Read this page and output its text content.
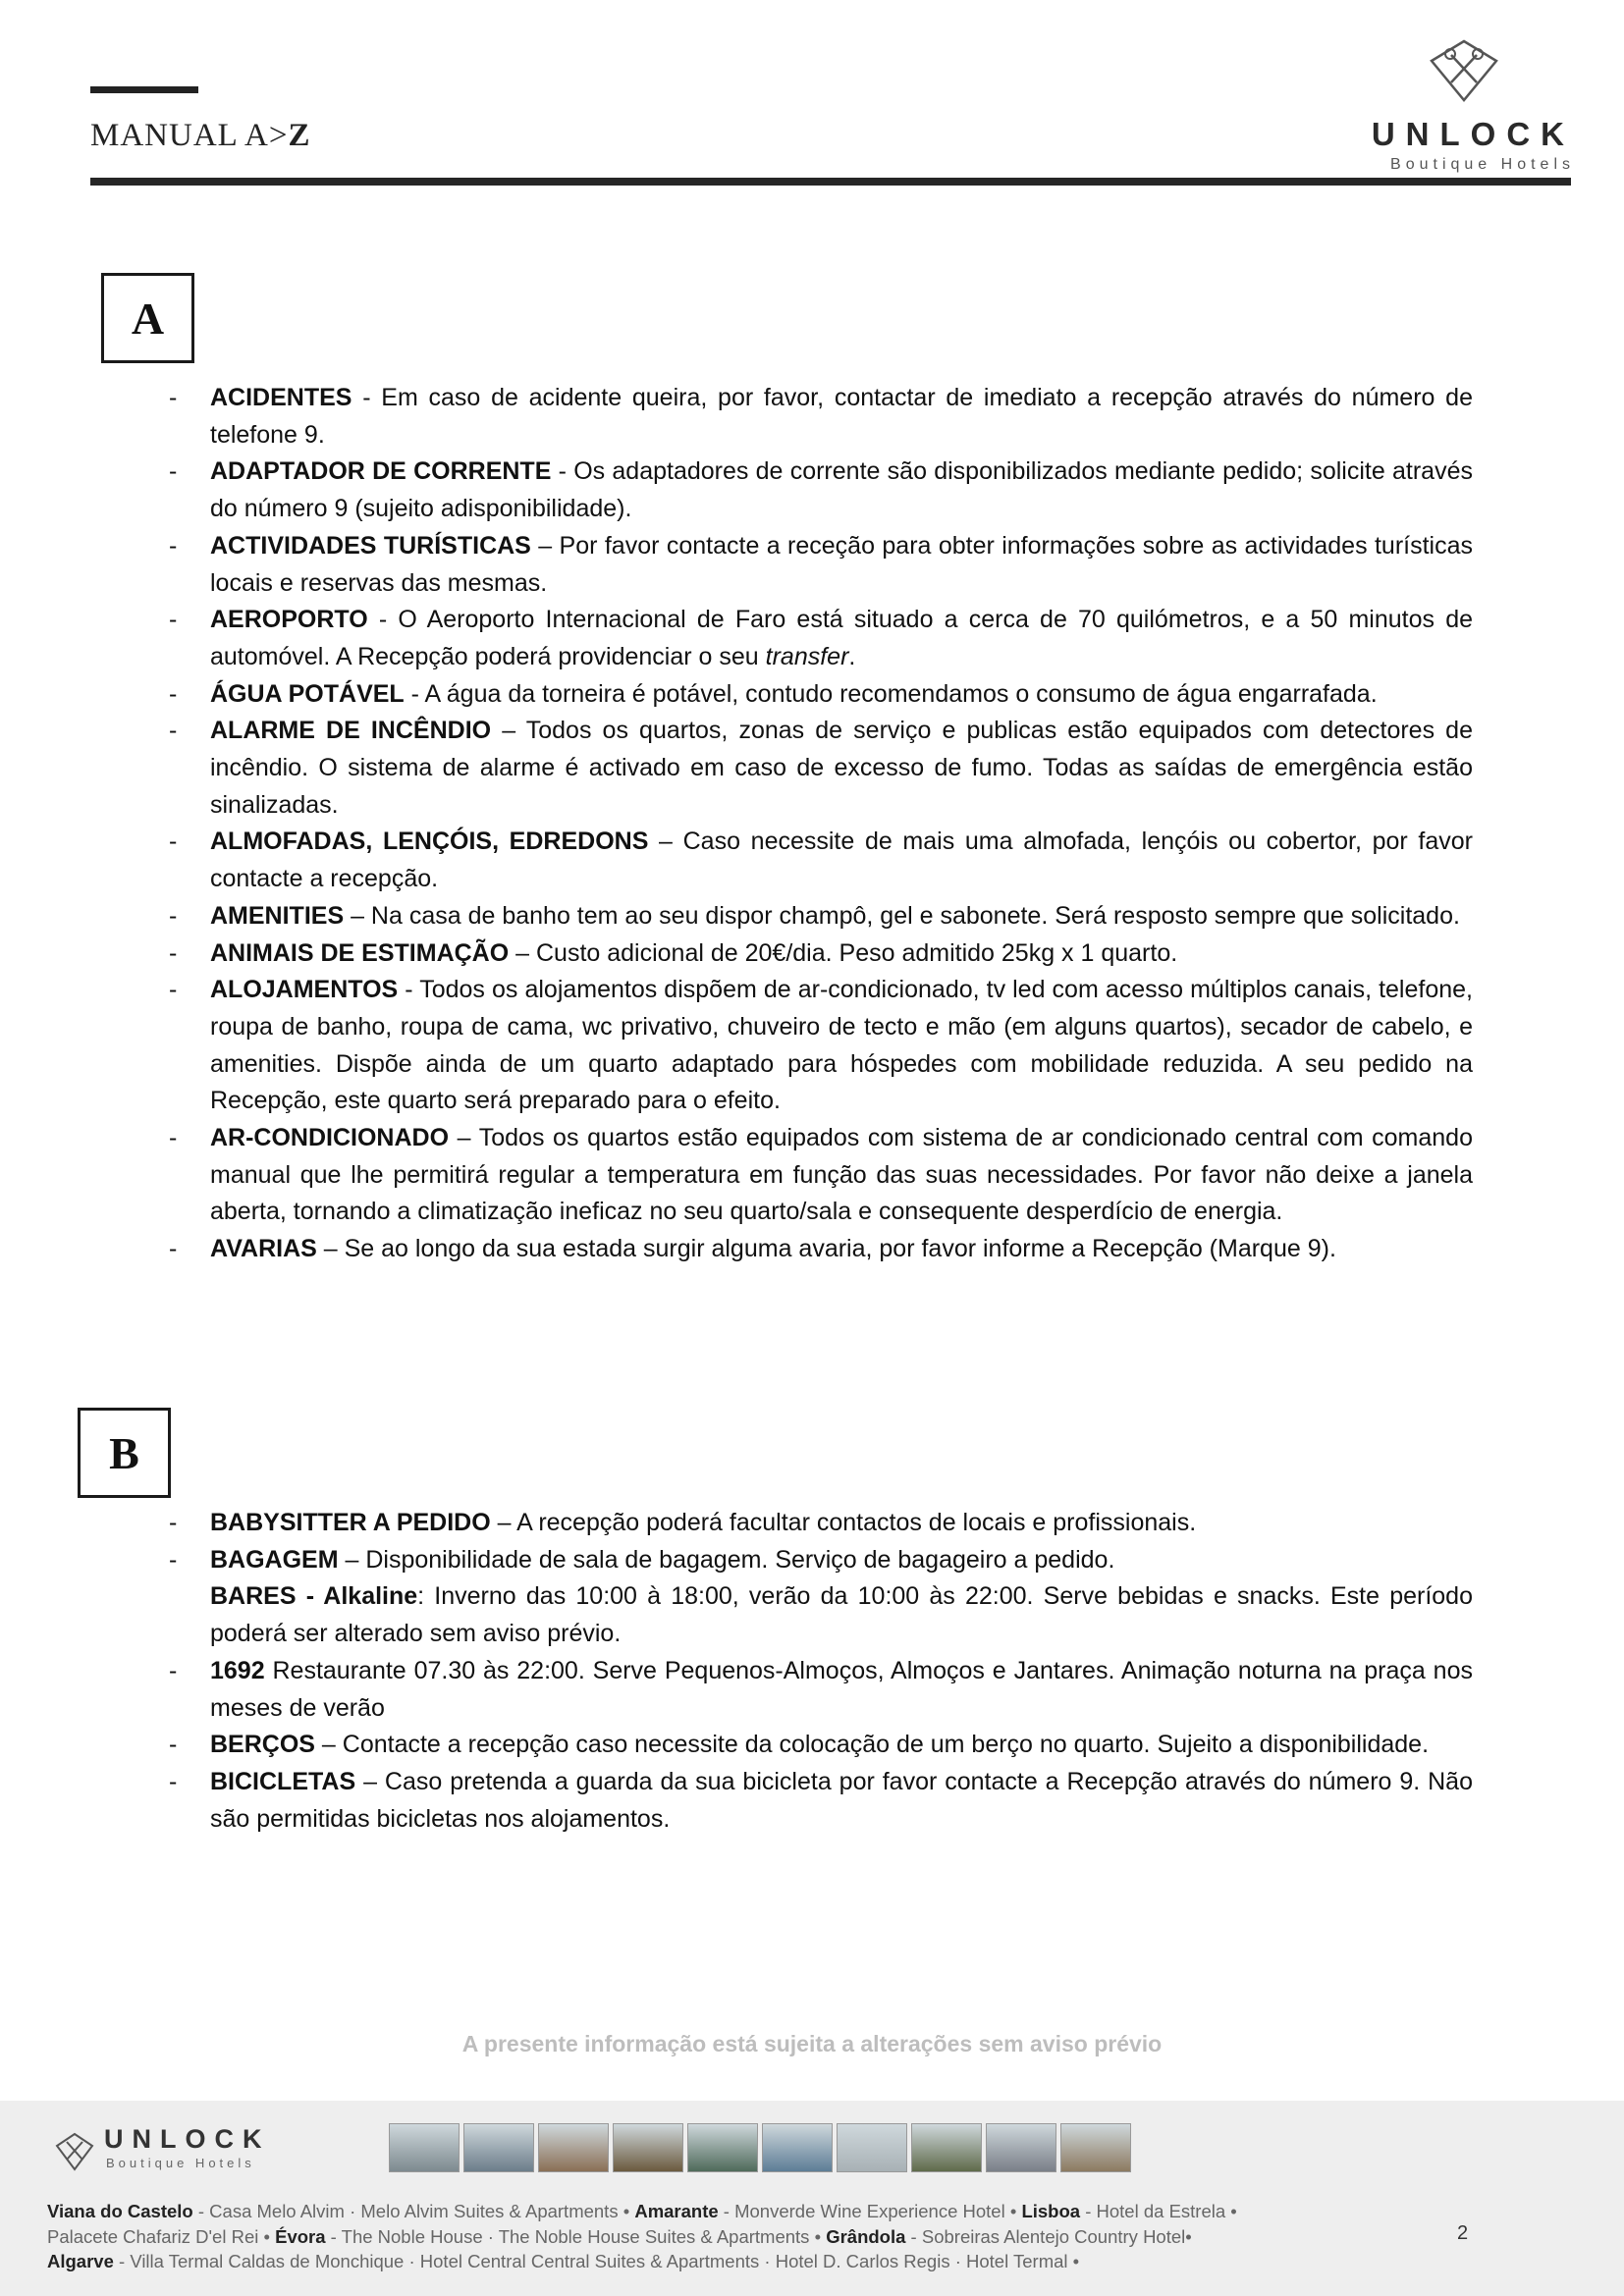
MANUAL A>Z	UNLOCK
Boutique Hotels
A
- ACIDENTES - Em caso de acidente queira, por favor, contactar de imediato a recepção através do número de telefone 9.
- ADAPTADOR DE CORRENTE - Os adaptadores de corrente são disponibilizados mediante pedido; solicite através do número 9 (sujeito adisponibilidade).
- ACTIVIDADES TURÍSTICAS – Por favor contacte a receção para obter informações sobre as actividades turísticas locais e reservas das mesmas.
- AEROPORTO - O Aeroporto Internacional de Faro está situado a cerca de 70 quilómetros, e a 50 minutos de automóvel. A Recepção poderá providenciar o seu transfer.
- ÁGUA POTÁVEL - A água da torneira é potável, contudo recomendamos o consumo de água engarrafada.
- ALARME DE INCÊNDIO – Todos os quartos, zonas de serviço e publicas estão equipados com detectores de incêndio. O sistema de alarme é activado em caso de excesso de fumo. Todas as saídas de emergência estão sinalizadas.
- ALMOFADAS, LENÇÓIS, EDREDONS – Caso necessite de mais uma almofada, lençóis ou cobertor, por favor contacte a recepção.
- AMENITIES – Na casa de banho tem ao seu dispor champô, gel e sabonete. Será resposto sempre que solicitado.
- ANIMAIS DE ESTIMAÇÃO – Custo adicional de 20€/dia. Peso admitido 25kg x 1 quarto.
- ALOJAMENTOS - Todos os alojamentos dispõem de ar-condicionado, tv led com acesso múltiplos canais, telefone, roupa de banho, roupa de cama, wc privativo, chuveiro de tecto e mão (em alguns quartos), secador de cabelo, e amenities. Dispõe ainda de um quarto adaptado para hóspedes com mobilidade reduzida. A seu pedido na Recepção, este quarto será preparado para o efeito.
- AR-CONDICIONADO – Todos os quartos estão equipados com sistema de ar condicionado central com comando manual que lhe permitirá regular a temperatura em função das suas necessidades. Por favor não deixe a janela aberta, tornando a climatização ineficaz no seu quarto/sala e consequente desperdício de energia.
- AVARIAS – Se ao longo da sua estada surgir alguma avaria, por favor informe a Recepção (Marque 9).
B
- BABYSITTER A PEDIDO – A recepção poderá facultar contactos de locais e profissionais.
- BAGAGEM – Disponibilidade de sala de bagagem. Serviço de bagageiro a pedido.
BARES - Alkaline: Inverno das 10:00 à 18:00, verão da 10:00 às 22:00. Serve bebidas e snacks. Este período poderá ser alterado sem aviso prévio.
- 1692 Restaurante 07.30 às 22:00. Serve Pequenos-Almoços, Almoços e Jantares. Animação noturna na praça nos meses de verão
- BERÇOS – Contacte a recepção caso necessite da colocação de um berço no quarto. Sujeito a disponibilidade.
- BICICLETAS – Caso pretenda a guarda da sua bicicleta por favor contacte a Recepção através do número 9. Não são permitidas bicicletas nos alojamentos.
A presente informação está sujeita a alterações sem aviso prévio
UNLOCK
Boutique Hotels
Viana do Castelo - Casa Melo Alvim · Melo Alvim Suites & Apartments • Amarante - Monverde Wine Experience Hotel • Lisboa - Hotel da Estrela •
Palacete Chafariz D'el Rei • Évora - The Noble House · The Noble House Suites & Apartments • Grândola - Sobreiras Alentejo Country Hotel•
Algarve - Villa Termal Caldas de Monchique · Hotel Central Central Suites & Apartments · Hotel D. Carlos Regis · Hotel Termal •
2
